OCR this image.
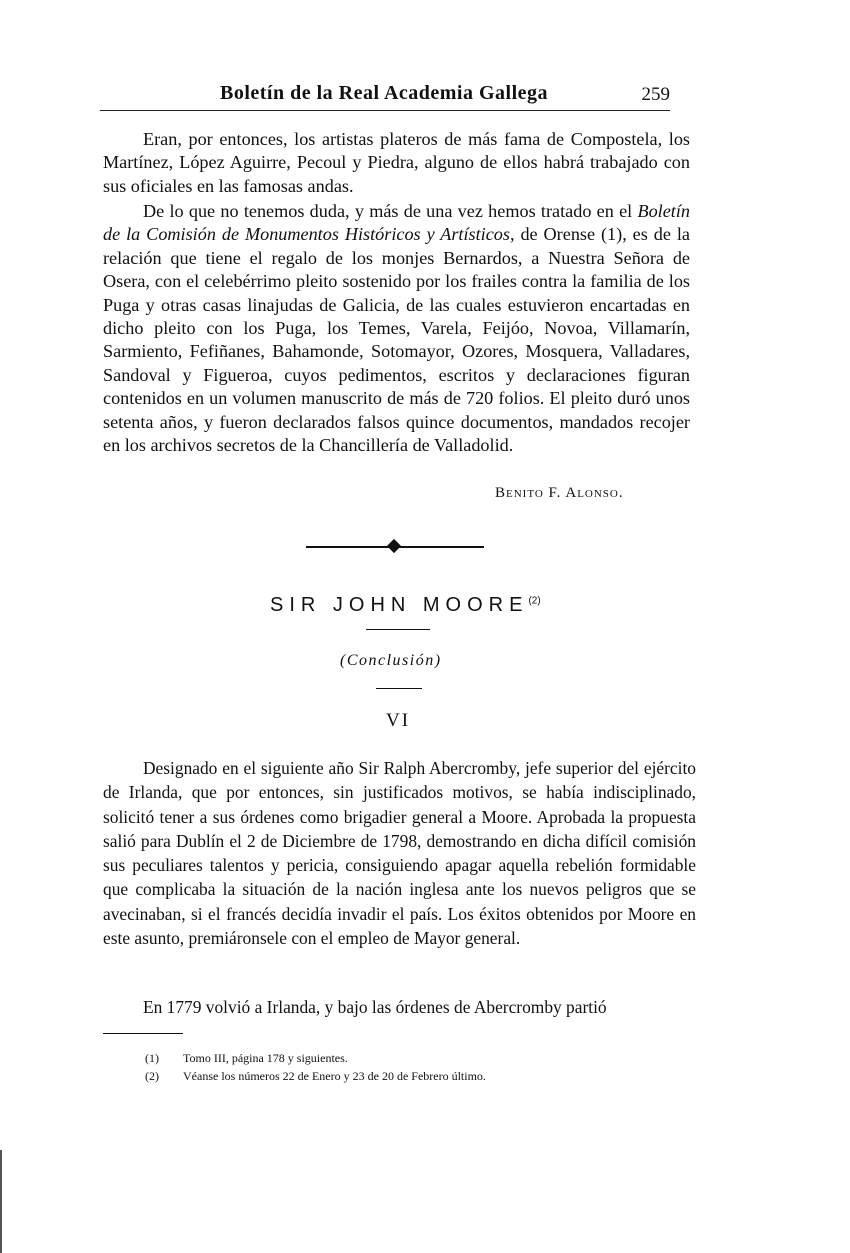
Boletín de la Real Academia Gallega	259

Eran, por entonces, los artistas plateros de más fama de Compostela, los Martínez, López Aguirre, Pecoul y Piedra, alguno de ellos habrá trabajado con sus oficiales en las famosas andas.

De lo que no tenemos duda, y más de una vez hemos tratado en el Boletín de la Comisión de Monumentos Históricos y Artísticos, de Orense (1), es de la relación que tiene el regalo de los monjes Bernardos, a Nuestra Señora de Osera, con el celebérrimo pleito sostenido por los frailes contra la familia de los Puga y otras casas linajudas de Galicia, de las cuales estuvieron encartadas en dicho pleito con los Puga, los Temes, Varela, Feijóo, Novoa, Villamarín, Sarmiento, Fefiñanes, Bahamonde, Sotomayor, Ozores, Mosquera, Valladares, Sandoval y Figueroa, cuyos pedimentos, escritos y declaraciones figuran contenidos en un volumen manuscrito de más de 720 folios. El pleito duró unos setenta años, y fueron declarados falsos quince documentos, mandados recojer en los archivos secretos de la Chancillería de Valladolid.

Benito F. Alonso.
SIR JOHN MOORE$^{(2)}$
(Conclusión)
VI

Designado en el siguiente año Sir Ralph Abercromby, jefe superior del ejército de Irlanda, que por entonces, sin justificados motivos, se había indisciplinado, solicitó tener a sus órdenes como brigadier general a Moore. Aprobada la propuesta salió para Dublín el 2 de Diciembre de 1798, demostrando en dicha difícil comisión sus peculiares talentos y pericia, consiguiendo apagar aquella rebelión formidable que complicaba la situación de la nación inglesa ante los nuevos peligros que se avecinaban, si el francés decidía invadir el país. Los éxitos obtenidos por Moore en este asunto, premiáronsele con el empleo de Mayor general.

En 1779 volvió a Irlanda, y bajo las órdenes de Abercromby partió

(1) Tomo III, página 178 y siguientes.
(2) Véanse los números 22 de Enero y 23 de 20 de Febrero último.
